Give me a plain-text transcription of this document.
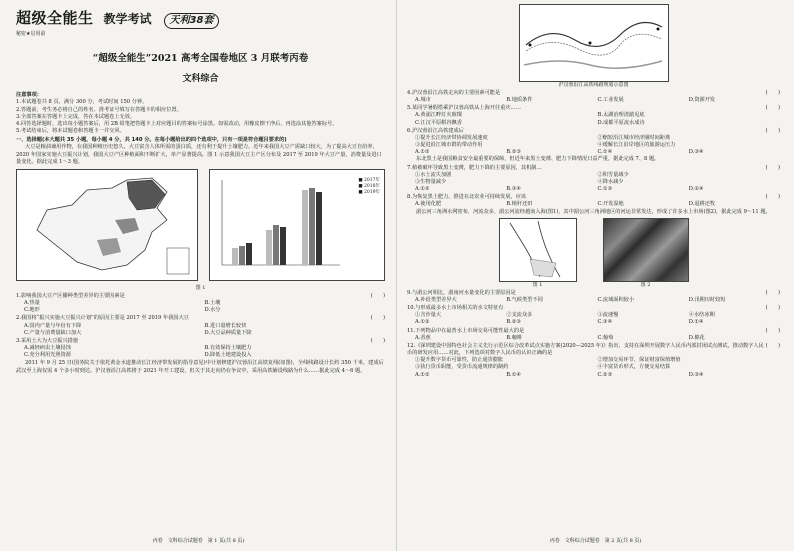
超级全能生 教学考试	天利38套
秘密★启用前
“超级全能生”2021 高考全国卷地区 3 月联考丙卷
文科综合
注意事项：

1.本试题卷共 8 页，满分 300 分，考试时间 150 分钟。

2.答题前，考生务必将自己的姓名、准考证号填写在答题卡的相应位置。

3.全部答案在答题卡上完成，答在本试题卷上无效。

4.回答选择题时，选出每小题答案后，用 2B 铅笔把答题卡上对应题目的答案标号涂黑。如需改动，用橡皮擦干净后，再选涂其他答案标号。

5.考试结束后，将本试题卷和答题卡一并交回。

一、选择题(本大题共 35 小题，每小题 4 分，共 140 分。在每小题给出的四个选项中，只有一项是符合题目要求的)

大豆是粮油兼用作物，在我国种植历史悠久，大豆富含人体所需的蛋白质，还有利于提升土壤肥力。近年来我国大豆产需缺口较大，为了提高大豆自给率，2020 年国家实施大豆振兴计划，我国大豆产区种植面积不断扩大，单产显著提高。图 1 示意我国大豆主产区分布及 2017 至 2019 年大豆产量、消费量及进口量变化。据此完成 1～3 题。

■ 2017年
■ 2018年
■ 2019年
图 1
1.影响我国大豆产区播种类型差异的主要因素是	(　　)
A.热量	B.土壤
C.地形	D.水分
2.我国将“振兴实施大豆振兴计划”的原因主要是 2017 至 2019 年我国大豆	(　　)
A.国内产量与年份有下降	B.进口量增长较快
C.产量与消费量缺口加大	D.大豆品种质量下降
3.采用土大为大豆振兴措施	(　　)
A.减轻病虫土壤侵蚀	B.有效保持土壤肥力
C.充分利用光照资源	D.降低土地建设投入

2011 年 9 月 25 日(国务院关于依托黄金水道推动长江经济带发展的指导意见)中计划修建沪汉蓉沿江高铁复线(如图)，全线线路设计长约 350 千米，建成后武汉至上海仅需 4 个多小时到达。沪汉蓉沿江高铁将于 2021 年开工建设，但关于其走向仍在争议中，采用高铁铺设线路为什么……据此完成 4～6 题。

丙卷　文科综合试题卷　第 1 页(共 8 页)
沪汉蓉沿江高铁线路规划示意图
4.沪汉蓉沿江高铁走向的主要因素可能是	(　　)
A.城市	B.地质条件	C.工业发展	D.资源开发
5.某同学暑假搭乘沪汉蓉高铁从上海开往重庆……	(　　)
A.黄浦江畔灯火璀璨	B.太湖治理清澈见底
C.江汉平原稻谷飘香	D.成都平原流水成诗
6.沪汉蓉沿江高铁建成后	(　　)
①提升长江经济带协调发展速度	②缩短沿江城市经济圈时间距离
③促进沿江城市群的带动作用	④缓解长江沿岸地区的旅游运压力
A.①②	B.②③	C.①④	D.③④

东北黑土是我国粮食安全最重要的保障，但近年来黑土变薄、肥力下降情况日益严重，据此完成 7、8 题。

7.植被破坏导致黑土变薄，肥力下降的主要原因，其机制…	(　　)
①水土流失加剧	②积雪量减少
③生物量减少	④降水减少
A.①②	B.③④	C.①③	D.②④
8.为恢复黑土肥力，推进在北农业可持续发展，应该	(　　)
A.使用化肥	B.植秆还田	C.开发湿地	D.退耕还牧

湄公河三角洲水网密布，河流众多，湄公河流经越南入海(图1)，其中湄公河三角洲地区的河运非常发达，形成了许多水上市场(图2)，据此完成 9～11 题。

图 1	图 2
9.与湄公河相比，湄南河水量变化的主要原因是	(　　)
A.补给类型差异大	B.气候类型不同	C.流域面积较小	D.汛期历时较短
10.与形成最多水上市场相关的水文特征有	(　　)
①含沙量大	②支流众多	③流速慢	④水结冰期
A.①②	B.②③	C.③④	D.①④
11.下列物品中在最普水上市场交易可能性最大的是	(　　)
A.香蕉	B.咖啡	C.葡萄	D.棉花
12.《深圳建设中国特色社会主义先行示范区综合改革试点实施方案(2020—2025 年)》指出，支持在深圳开展数字人民币内部封闭试点测试，推动数字人民币的研发应用……对此，下列选项对数字人民币的认识正确的是
(　　)
①提升数字货币可靠性，防止通货膨胀	②增加交易环节，保证财富保值增值
③执行货币职能，受货币流通规律的制约	④丰富货币形式，方便交易结算
A.①②	B.①④	C.②③	D.③④
丙卷　文科综合试题卷　第 2 页(共 8 页)
